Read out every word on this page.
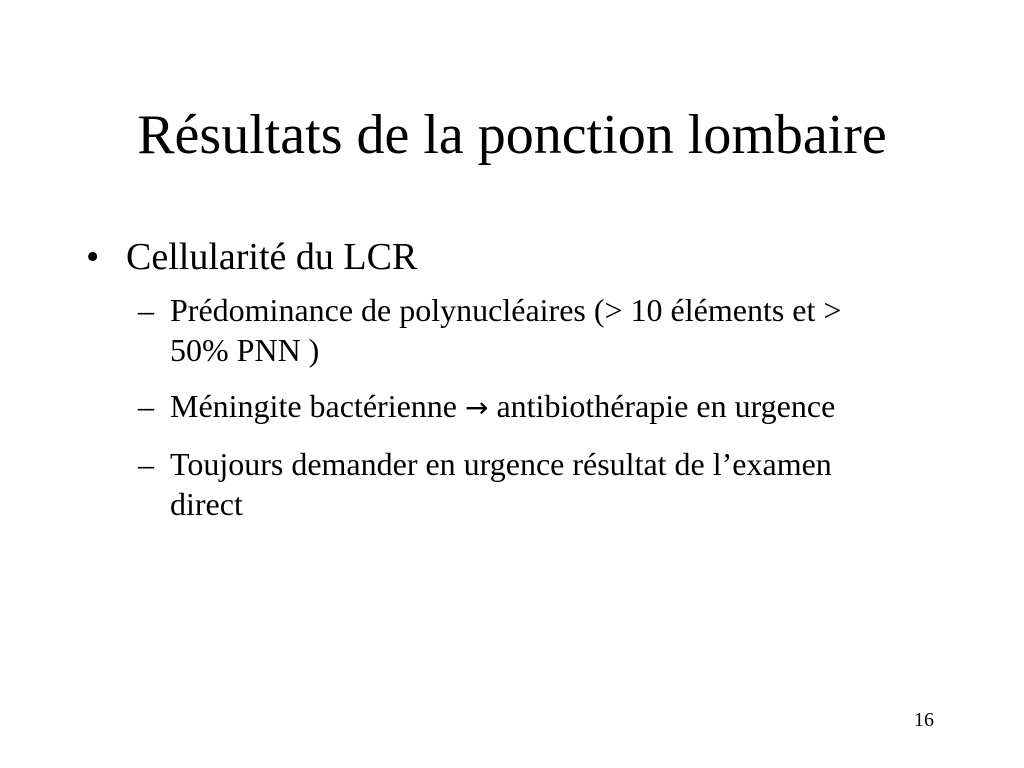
Résultats de la ponction lombaire
• Cellularité du LCR
– Prédominance de polynucléaires (> 10 éléments et > 50% PNN )
– Méningite bactérienne → antibiothérapie en urgence
– Toujours demander en urgence résultat de l’examen direct
16
